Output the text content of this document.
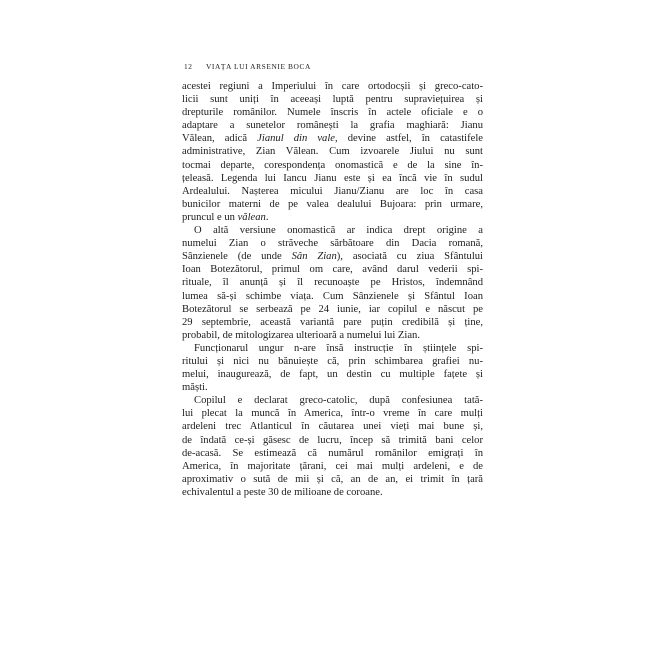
12 VIAȚA LUI ARSENIE BOCA
acestei regiuni a Imperiului în care ortodocșii și greco-cato-
licii sunt uniți în aceeași luptă pentru supraviețuirea și
drepturile românilor. Numele înscris în actele oficiale e o
adaptare a sunetelor românești la grafia maghiară: Jianu
Vălean, adică Jianul din vale, devine astfel, în catastifele
administrative, Zian Vălean. Cum izvoarele Jiului nu sunt
tocmai departe, corespondența onomastică e de la sine în-
țeleasă. Legenda lui Iancu Jianu este și ea încă vie în sudul
Ardealului. Nașterea micului Jianu/Zianu are loc în casa
bunicilor materni de pe valea dealului Bujoara: prin urmare,
pruncul e un vălean.
O altă versiune onomastică ar indica drept origine a
numelui Zian o străveche sărbătoare din Dacia romană,
Sânzienele (de unde Sân Zian), asociată cu ziua Sfântului
Ioan Botezătorul, primul om care, având darul vederii spi-
rituale, îl anunță și îl recunoaște pe Hristos, îndemnând
lumea să-și schimbe viața. Cum Sânzienele și Sfântul Ioan
Botezătorul se serbează pe 24 iunie, iar copilul e născut pe
29 septembrie, această variantă pare puțin credibilă și ține,
probabil, de mitologizarea ulterioară a numelui lui Zian.
Funcționarul ungur n-are însă instrucție în științele spi-
ritului și nici nu bănuiește că, prin schimbarea grafiei nu-
melui, inaugurează, de fapt, un destin cu multiple fațete și
măști.
Copilul e declarat greco-catolic, după confesiunea tată-
lui plecat la muncă în America, într-o vreme în care mulți
ardeleni trec Atlanticul în căutarea unei vieți mai bune și,
de îndată ce-și găsesc de lucru, încep să trimită bani celor
de-acasă. Se estimează că numărul românilor emigrați în
America, în majoritate țărani, cei mai mulți ardeleni, e de
aproximativ o sută de mii și că, an de an, ei trimit în țară
echivalentul a peste 30 de milioane de coroane.
